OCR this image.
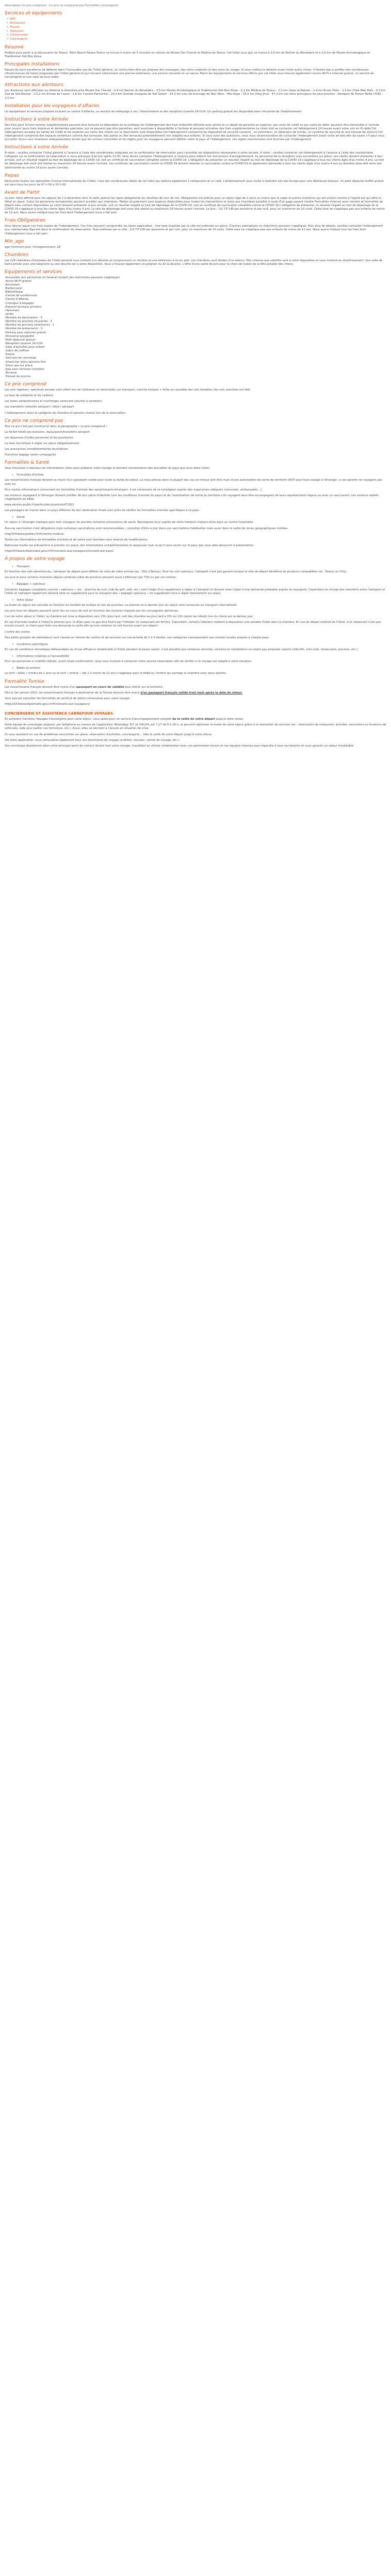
Description Ce prix comprend : Ce prix ne comprend pas Formalités Convergente

Services et équipements
• Wifi
• Restaurant
• Piscine
• Télévision
• Climatisation
• Conciergerie
Résumé

Profitez pour partir à la découverte de Tozeur, Palm Beach Palace Tozeur se trouve à moins de 5 minutes en voiture de Musée Dar Cheraït et Médina de Tozeur. Cet hôtel vous que se trouve à 3,5 km de Rocher du Belvédère et à 2,6 km de Musée Archéologique et Traditionnel Sidi Bou Aïssa.

Principales installations

Passez de jours excellents de détente dans l'incroyable spa de l'hôtel général, un centre bien-être qui propose des massages, des soins corporels et des soins du visage. Si vous mettez la détente avant toute autre chose, n'hésitez pas à profiter des nombreuses infrastructures de loisirs proposées par l'hôtel général et qui incluent notamment une piscine extérieure, une piscine couverte et un sauna. Parmi les équipements et services offerts par cet hôtel vous trouvez également l'accès Wi-Fi à internet gratuit, un service de conciergerie et une salle de jeux vidéo.

Attractions aux alentours

Les distances sont affichées au dixième le kilomètre près Musée Dar Cheraït - 0,4 km Rocher du Belvédère - 3,5 km Musée Archéologique et Traditionnel Sidi Bou Aïssa - 2,2 km Médina de Tozeur - 2,2 km Oasis el-Nefzah - 2,4 km Ecran Palm - 3,3 km Chak-Wak Park - 3,3 km Zoo de Sidi Bouhel - 2,5,2 km Entrée de l'oasis - 2,8 km Camilla Palmeraie - 24,2 km Grande mosquée de Sidi Salem - 25,3 km Lieu de tournage de Star Wars - Mos Espa - 39,5 km (Ong Jmel - 47,2 km Les lieux principaux les plus proches : Aéroport de Tozeur Nefta (TOE) - 3,5 km

Installation pour les voyageurs d'affaires

Un équipement et services proposé incluant un centre d'affaires, un service de nettoyage à sec / blanchisserie et des réception ouverte 24 h/24. Un parking gratuit est disponible dans l'enceinte de l'établissement.

Instructions à votre Arrivée

Des frais peut inclure comme supplémentaire peuvent être facturés et dépendent de la politique de l'hébergement des frais d'identité officielle avec photo et un dépôt de garantie en espèces, par carte de crédit ou par carte de débit, peuvent être demandés à l'arrivée pour couvrir leurs frais imprévus et demandes spéciales, qui ne peuvent pas être garanties, sont soumises à disponibilité à l'arrivée et peuvent entraîner des frais supplémentaires Le client doit se contacter cet hébergement 24 heures avant votre voir en fil tablé Cet hébergement accepte les cartes de crédit et les espèces Les noms des clients sur la réservation sont disponibles Cet hébergement comprend les dispositifs de sécurité suivants : un extincteur, un détecteur de fumée, un système de sécurité et une trousse de secours Cet hébergement comprend des espaces extérieurs comme des terrasses, des patios ou des terrasses potentiellement non adaptés aux enfants. Si vous avez des questions, nous vous recommandons de contacter l'hébergement avant votre arrivée afin de savoir s'il peut vous accueillir. Aucun aux chambres sédupadoubles) tandis que les normes culturelles et les règles pour les voyageurs peuvent différer selon le pays et l'hébergement. Les règles mentionnées sont fournies par l'hébergement

Instructions à votre Arrivée

À noter : veuillez contacter l'hôtel général à l'avance à l'aide des coordonnées indiquées sur la confirmation de réservation pour connaître les dispositions nécessaires à votre arrivée. À noter : veuillez contacter cet hébergement à l'avance à l'aide des coordonnées indiquées sur la confirmation de réservation si vous prévoyez d'arriver après 21:00. Vous devez contacter l'hébergement à l'avance pour obtenir les instructions d'enregistrement. Le personnel de la réception vous accueillera sur place. Les clients doivent présenter à leur arrivée, soit un résultat négatif au test de dépistage de la COVID-19, soit un certificat de vaccination complète contre la COVID-19. L'obligation de présenter un résultat négatif au test de dépistage de la COVID-19 s'applique à tous les clients âgés d'au moins 4 ans. Le test de dépistage doit avoir été réalisé au maximum 24 heures avant l'arrivée. Les certificats de vaccination contre la COVID-19 doivent attester la vaccination contre la COVID-19 et également demandé à tous les clients âgés d'au moins 4 ans La dernière dose doit avoir été administrée au moins 14 jours avant l'arrivée.

Repas

Découvrez toutes vos spécialités Cuisine internationale de l'hôtel, l'une des nombreuses tables de cet hôtel qui séduira également 2 restaurants et un café. L'établissement vous invite à rejoindre son bar-lounge pour une délicieuse boisson. Un petit déjeuner buffet gratuit est servi tous les jours de 07 h 00 à 10 h 00.

Avant de Partir

Le parc hôtel affirmé pour les séjours de 2 à decembre tenir le taille spécial les repos obligatoires les résultats de tour de ces. Obligatoires est prévue pour un séjour égal de 2 jours ou moins que la copie et autres chambres qui est autant comme à l'égard est qui offre le Hôtel en place. Outre les personnes enregistrées peuvent accéder aux chambres. Modes de paiement sans espèces disponibles pour toutes les transactions et aussi aux chambres possible à toute d'un gage payant mobile Formalités internes avec contact et formalités de départ sans contact disponibles Le client doivent présenter à leur arrivée, soit un résultat négatif au test de dépistage de la COVID-19, soit un certificat de vaccination complète contre la COVID-19 L'obligation de présenter un résultat négatif au test de dépistage de la COVID-19 s'applique à tous les clients âgés d'au moins 4 ans. Le test de dépistage doit avoir été réalisé au maximum 24 heures avant l'arrivée. Le prix : 1/2 T.P (UR par personne et par nuit, pour un maximum de 10 nuits. Cette taxe ne s'applique pas aux enfants de moins de 12 ans. Nous avons indiqué tous les frais dont l'hébergement nous a fait part.

Frais Obligatoires

Vous devrez payer ces frais auprès de l'hébergement. Ces frais peuvent comprendre les taxes applicables : Une taxe imposée par la ville est prélevée sur place. D'autres exemptions ou réductions peuvent s'appliquer. Pour plus de détails, veuillez contacter l'hébergement aux coordonnées figurant dans la confirmation de réservation. Taxe prélevée par la ville : 1/2 T.P (UR par personne et par nuit, pour un maximum de 10 nuits. Cette taxe ne s'applique pas aux enfants de moins de 12 ans. Nous avons indiqué tous les frais dont l'hébergement nous a fait part.

Min_age

age minimum pour l'enregistrement: 18

Chambres

Les 128 chambres climatisées de l'hôtel général vous invitent à la détente et comprennent un minibar et une télévision à écran plat. Les chambres sont dotées d'un balcon. Des chèvres que satellite sont à votre disposition et vous invitent au divertissement. Une salle de bains privée avec une baignoire ou une douche est à votre disposition. Vous y trouvez également un peignoir ou de la douche. L'offre d'une cadre de prix pour le choix de toutes de la fête potable des chiens.

Equipements et services
-Accessible aux personnes en fauteuil roulant (les restrictions peuvent s'appliquer)
-Accès Wi-Fi gratuit
-Ascenseur
-Barbecue(s)
-Bibliothèque
-Centre de conférences
-Centre d'affaires
-Consigne à bagages
-Espaces bureaux privatus
-Hammam
-Jardin
-Nombre de bars/salons : 3
-Nombre de piscines couvertes : 1
-Nombre de piscines extérieures : 1
-Nombre de restaurants : 3
-Parking sans voiturier gratuit
-Personnel polyglotte
-Petit déjeuner gratuit
-Réception ouverte 24 h/24
-Salle d'activités pour enfant
-Salon de coiffure
-Sauna
-Services de concierge
-Snack-bar et/ou épicerie fine
-Soins spa sur place
-Spa avec services complets
-Terrasse
-Transat de piscine
Ce prix comprend

Les vols réguliers, spécimen escales sont offert lors de l'émission et réservation sur transport, marche tonique + fiche sur possible des vols faisables (les vols autorisés ont été)

La taxe de solidarité et de carbone

Les taxes aéroportuaires et surcharges carburant (soumis à variation)

Les transferts collectifs aéroport / hôtel / aéroport

L'hébergement selon la catégorie de chambre et pension choisie lors de la réservation

Ce prix ne comprend pas

Tout ce qui n'est pas mentionné dans le paragraphe « Le prix comprend »

Le forfait hôtel/ Les boissons, repas/avion/transferts aéroport

Les dépenses d'ordre personnel et les pourboires

La taxe touristique à régler sur place obligatoirement

Les assurances complémentaires facultatives

Franchise bagage (selon compagnie)

Formalités & Santé

Vous trouverez ci-dessous les informations utiles pour préparer votre voyage et prendre connaissance des actualités du pays que vous allez visiter.

• Formalités d'entrée

Les ressortissants français doivent se munir d'un passeport valide pour toute la durée du séjour. La mise prévue dans la plupart des cas un mineur doit être muni d'une autorisation de sortie de territoire (AST) pour tout voyage à l'étranger, si ses parents ne voyagent pas avec lui.

Pour toutes informations concernant les formalités d'entrée des ressortissants étrangers, il est nécessaire de se renseigner auprès des organismes adéquats (consulats, ambassades…).

Les mineurs voyageant à l'étranger doivent justifier de leur pièce d'identité (voir les conditions d'entrée du pays) et de l'autorisation de sortie du territoire s'ils voyagent sans être accompagnés de leurs représentants légaux ou avec un seul parent. Les mineurs rejetés s'appliquent au bébé.

www.service-public.fr/particuliers/vosdroits/F1922

Les passagers en transit dans un pays différent de leur destination finale sont priés de vérifier les formalités d'entrée spécifiques à ce pays.

• Santé

Un séjour à l'étranger implique pour tout voyageur de prendre certaines précautions de santé. Renseignez-vous auprès de votre médecin traitant et/ou dans un centre hospitalier.

Aucune vaccination n'est obligatoire mais certaines vaccinations sont recommandées ; consultez d'être à jour dans vos vaccinations habituelles mais aussi dans le cadre de zones géographiques visitées.

http//XXXwww.pasteur.fr/fr/centre-medical

Toutes les informations de formalités d'entrée et de santé sont données sous réserve de modifications.

Retrouvez toutes les précautions à prendre sur place, des informations complémentaires et approuver tout ce qu'il vous savoir sur le pays que vous allez découvrir à présentation :

http//XXXwww.diplomatie.gouv.fr/fr/conseils-aux-voyageurs/conseils-par-pays/

À propos de votre voyage
• Transport

En fonction des vols sélectionnés, l'aéroport de départ peut différer de celui de votre arrivée (ex : Orly à Roissy). Pour les vols spéciaux, l'aéroport n'est pas garanti lorsque la ville de départ bénéficie de plusieurs compatibles (ex : Roissy ou Orly).

Les prix et pour certains moments depuis certaines villes de province peuvent aussi s'effectuer par TGV ou par car interne.

• Bagages + spécieux :

Certaines bagages considérés comme « spéciaux » (ex. : planche de surf, club de golf, vélo, etc.) sont l'objet d'un supplément à régler à l'aéroport et doivent faire l'objet d'une demande préalable auprès du voyagiste. Cependant en charge des transferts entre l'aéroport et l'hôtel et l'aéroport également doivent faire un supplément pour le transport des « bagages spéciaux » (le supplément sera à régler directement sur place.

• Votre séjour

La durée du séjour est calculée en fonction du nombre de nuitées et non de journées. Le premier et le dernier jour du séjour sont consacrés au transport international.

Les prix tous les départs peuvent avoir lieu en cours de nuit en fonction des horaires imposés par les compagnies aériennes.

L'en de votre séjour à l'hôtel, la chambre est mise à disposition vers 15h (plus tard, soit des chambre au plus tard à 15h ou 12h (selon les hôtels) lors du check-out le dernier jour.

En cas d'arrivée tardive à l'hôtel le premier jour, le dîner peut ne pas être fourni par l'hôtelier (le restaurant est fermé). Cependant, certains hôteliers mettent à disposition une assiette froide dans la chambre. En cas de départ matinal de l'hôtel, si le restaurant n'est pas encore ouvert, le client peut faire une demande la veille afin qu'une collation lui soit fournie avant son départ.

L'ordre des visites

Des petits groupes de réalisateurs sont classés en termes de confort et de services sur une échelle de 2 à 5 étoiles, ces catégories correspondent aux normes locales propres à chaque pays.

• Conditions spécifiques

En cas de conditions climatiques défavorables ou d'une affluence inhabituelle à l'hôtel pendant la basse saison, il est possible que certaines activités, services et installations ne soient pas proposés (sports collectifs, mini-club, restaurants, piscines, etc.).

• Informations relatives à l'accessibilité

Pour les personnes à mobilité réduite, avant toute confirmation, nous vous invitons à contacter notre service réservation afin de vérifier si le voyage est adapté à votre situation.

• Bébés et enfants

Le tarif « bébé » (moins de 2 ans) ou le tarif « enfant » (de 2 à moins de 12 ans) s'applique pour le bébé ou l'enfant qui partage la chambre avec deux adultes.

Formalité Tunisie

Les ressortissants français doivent être munis d'un passeport en cours de validité pour entrer sur le territoire.

Dès le 1er janvier 2023, les ressortissants français à destination de la Tunisie devront être munis d'un passeport français valide trois mois après la date du retour.

Vous pouvez consulter les formalités de santé et de police nécessaires pour votre voyage :

https//XXXwww.diplomatie.gouv.fr/fr/conseils-aux-voyageurs/

CONCIERGERIE ET ASSISTANCE CARREFOUR VOYAGES

En achetant Carrefour Voyages Conciergerie pour votre séjour, vous optez pour un service d'accompagnement complet de la veille de votre départ jusqu'à votre retour.

Votre équipe de concierges joignent, par téléphone au travers de l'application WhatsApp 7j/7 et 24h/24, est 7 j/7 de 8 à 24 h, et peuvent optimiser la durée de votre séjour grâce à la réalisation de services (ex : réservation de restaurant, activités, excursions ou locations de véhicules, aide pour pallier vos fermeture, etc.). Aussi, elles se tiennent à l'écoute en situation de crise.

Ils vous assistent en cas de problèmes rencontrés sur place, réservation d'activités, conciergerie… (dès la veille de votre départ jusqu'à votre retour.

Via votre application, vous retrouverez également tous vos documents de voyage (e-billets, voucher, carnet de voyage, etc.).

Vos concierges deviennent alors votre principal point de contact durant tout votre voyage, travaillant en étroite collaboration avec nos partenaires locaux et nos équipes internes pour répondre à tous vos besoins et vous garantir un séjour inoubliable.
